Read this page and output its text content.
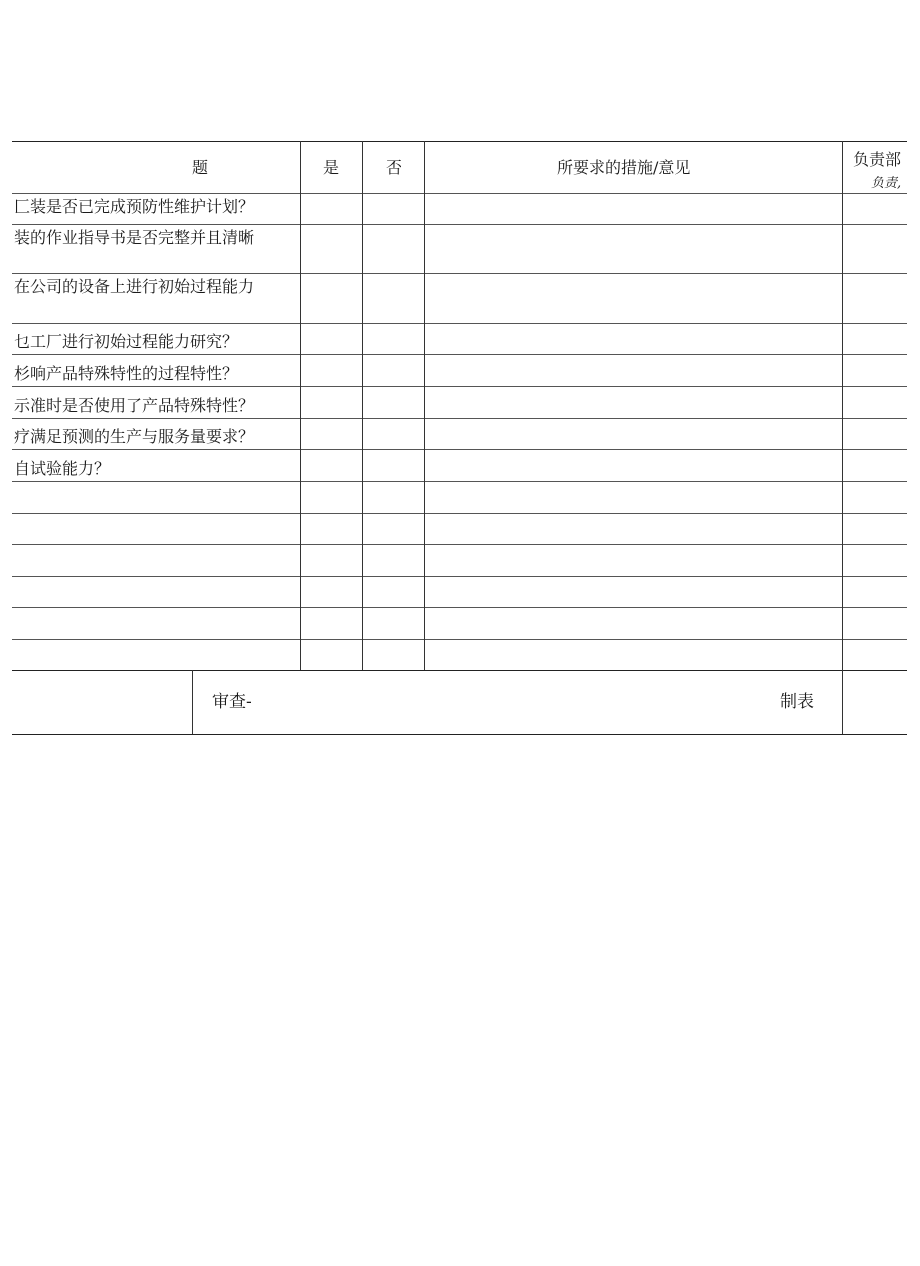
题	是	否	所要求的措施/意见	负责部
负责,
匚装是否已完成预防性维护计划？
装的作业指导书是否完整并且清晰
在公司的设备上进行初始过程能力
乜工厂进行初始过程能力研究？
杉响产品特殊特性的过程特性？
示准时是否使用了产品特殊特性？
疗满足预测的生产与服务量要求？
自试验能力？
审查-	制表
